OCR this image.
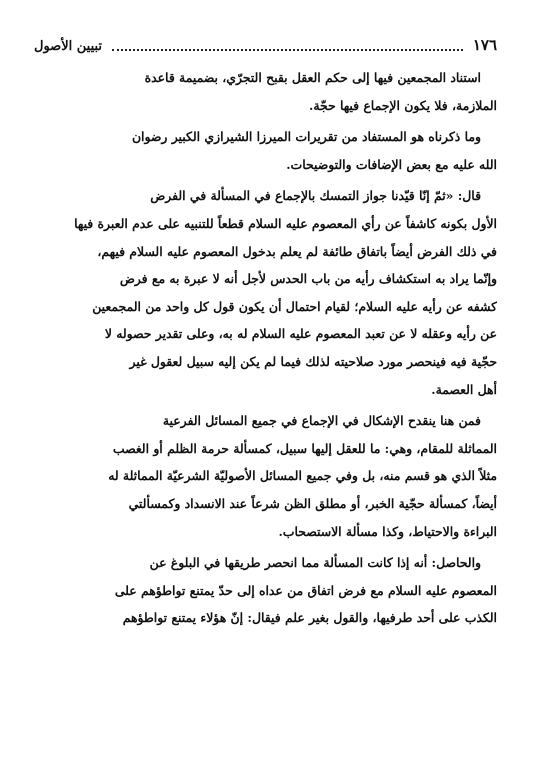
١٧٦
تبيين الأصول
استناد المجمعين فيها إلى حكم العقل بقبح التجرّي، بضميمة قاعدة
الملازمة، فلا يكون الإجماع فيها حجّة.
وما ذكرناه هو المستفاد من تقريرات الميرزا الشيرازي الكبير رضوان
الله عليه مع بعض الإضافات والتوضيحات.
قال: «ثمّ إنّا قيّدنا جواز التمسك بالإجماع في المسألة في الفرض
الأول بكونه كاشفاً عن رأي المعصوم عليه السلام قطعاً للتنبيه على عدم العبرة فيها
في ذلك الفرض أيضاً باتفاق طائفة لم يعلم بدخول المعصوم عليه السلام فيهم،
وإنّما يراد به استكشاف رأيه من باب الحدس لأجل أنه لا عبرة به مع فرض
كشفه عن رأيه عليه السلام؛ لقيام احتمال أن يكون قول كل واحد من المجمعين
عن رأيه وعقله لا عن تعبد المعصوم عليه السلام له به، وعلى تقدير حصوله لا
حجّية فيه فينحصر مورد صلاحيته لذلك فيما لم يكن إليه سبيل لعقول غير
أهل العصمة.
فمن هنا ينقدح الإشكال في الإجماع في جميع المسائل الفرعية
المماثلة للمقام، وهي: ما للعقل إليها سبيل، كمسألة حرمة الظلم أو الغصب
مثلاً الذي هو قسم منه، بل وفي جميع المسائل الأصوليّة الشرعيّة المماثلة له
أيضاً، كمسألة حجّية الخبر، أو مطلق الظن شرعاً عند الانسداد وكمسألتي
البراءة والاحتياط، وكذا مسألة الاستصحاب.
والحاصل: أنه إذا كانت المسألة مما انحصر طريقها في البلوغ عن
المعصوم عليه السلام مع فرض اتفاق من عداه إلى حدّ يمتنع تواطؤهم على
الكذب على أحد طرفيها، والقول بغير علم فيقال: إنّ هؤلاء يمتنع تواطؤهم
